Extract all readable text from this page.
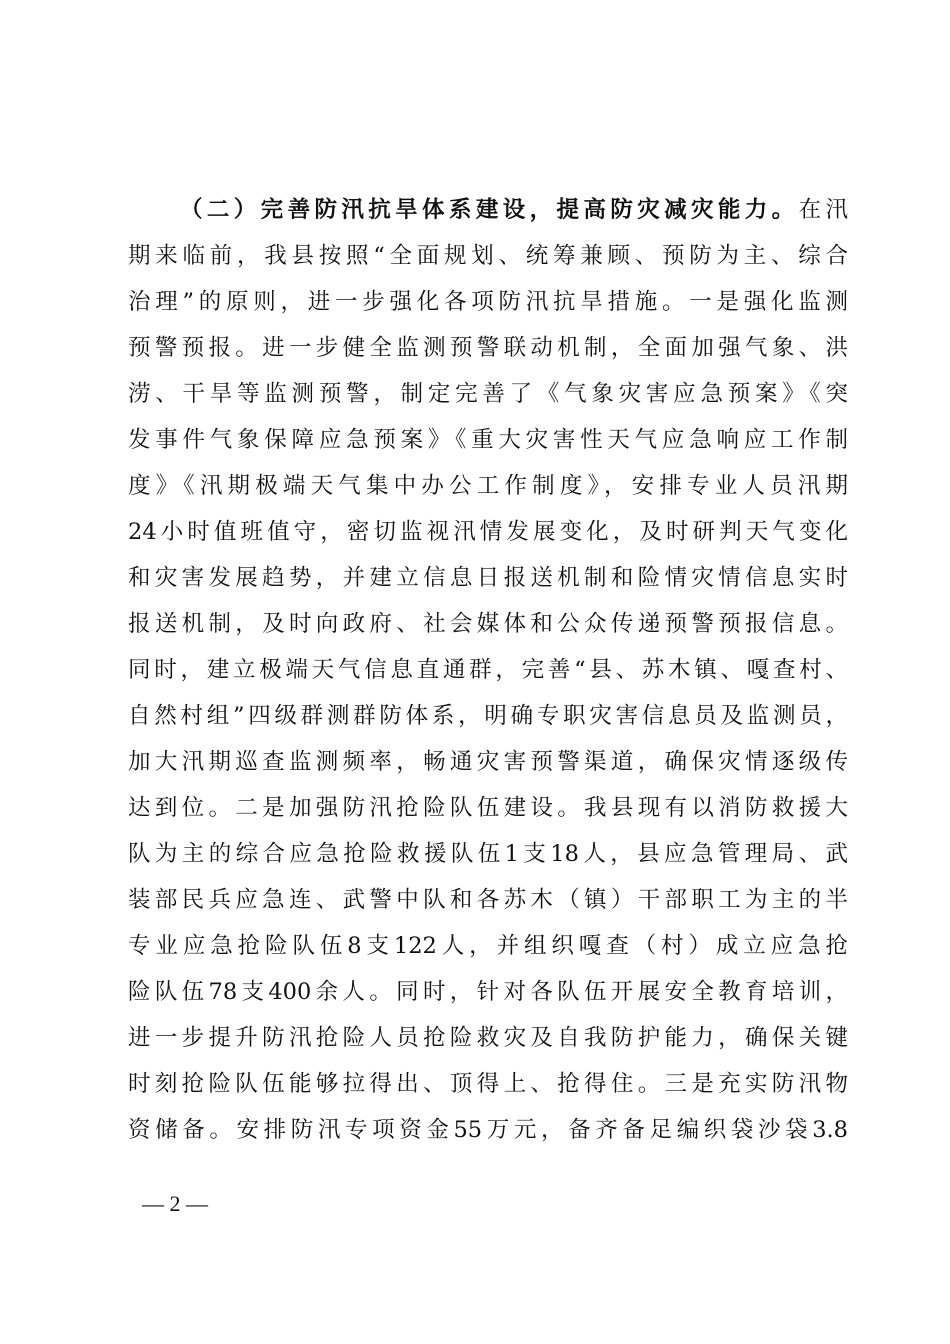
（二）完善防汛抗旱体系建设，提高防灾减灾能力。在汛
期来临前，我县按照“全面规划、统筹兼顾、预防为主、综合
治理”的原则，进一步强化各项防汛抗旱措施。一是强化监测
预警预报。进一步健全监测预警联动机制，全面加强气象、洪
涝、干旱等监测预警，制定完善了《气象灾害应急预案》《突
发事件气象保障应急预案》《重大灾害性天气应急响应工作制
度》《汛期极端天气集中办公工作制度》，安排专业人员汛期
24小时值班值守，密切监视汛情发展变化，及时研判天气变化
和灾害发展趋势，并建立信息日报送机制和险情灾情信息实时
报送机制，及时向政府、社会媒体和公众传递预警预报信息。
同时，建立极端天气信息直通群，完善“县、苏木镇、嘎查村、
自然村组”四级群测群防体系，明确专职灾害信息员及监测员，
加大汛期巡查监测频率，畅通灾害预警渠道，确保灾情逐级传
达到位。二是加强防汛抢险队伍建设。我县现有以消防救援大
队为主的综合应急抢险救援队伍1支18人，县应急管理局、武
装部民兵应急连、武警中队和各苏木（镇）干部职工为主的半
专业应急抢险队伍8支122人，并组织嘎查（村）成立应急抢
险队伍78支400余人。同时，针对各队伍开展安全教育培训，
进一步提升防汛抢险人员抢险救灾及自我防护能力，确保关键
时刻抢险队伍能够拉得出、顶得上、抢得住。三是充实防汛物
资储备。安排防汛专项资金55万元，备齐备足编织袋沙袋3.8
— 2 —
